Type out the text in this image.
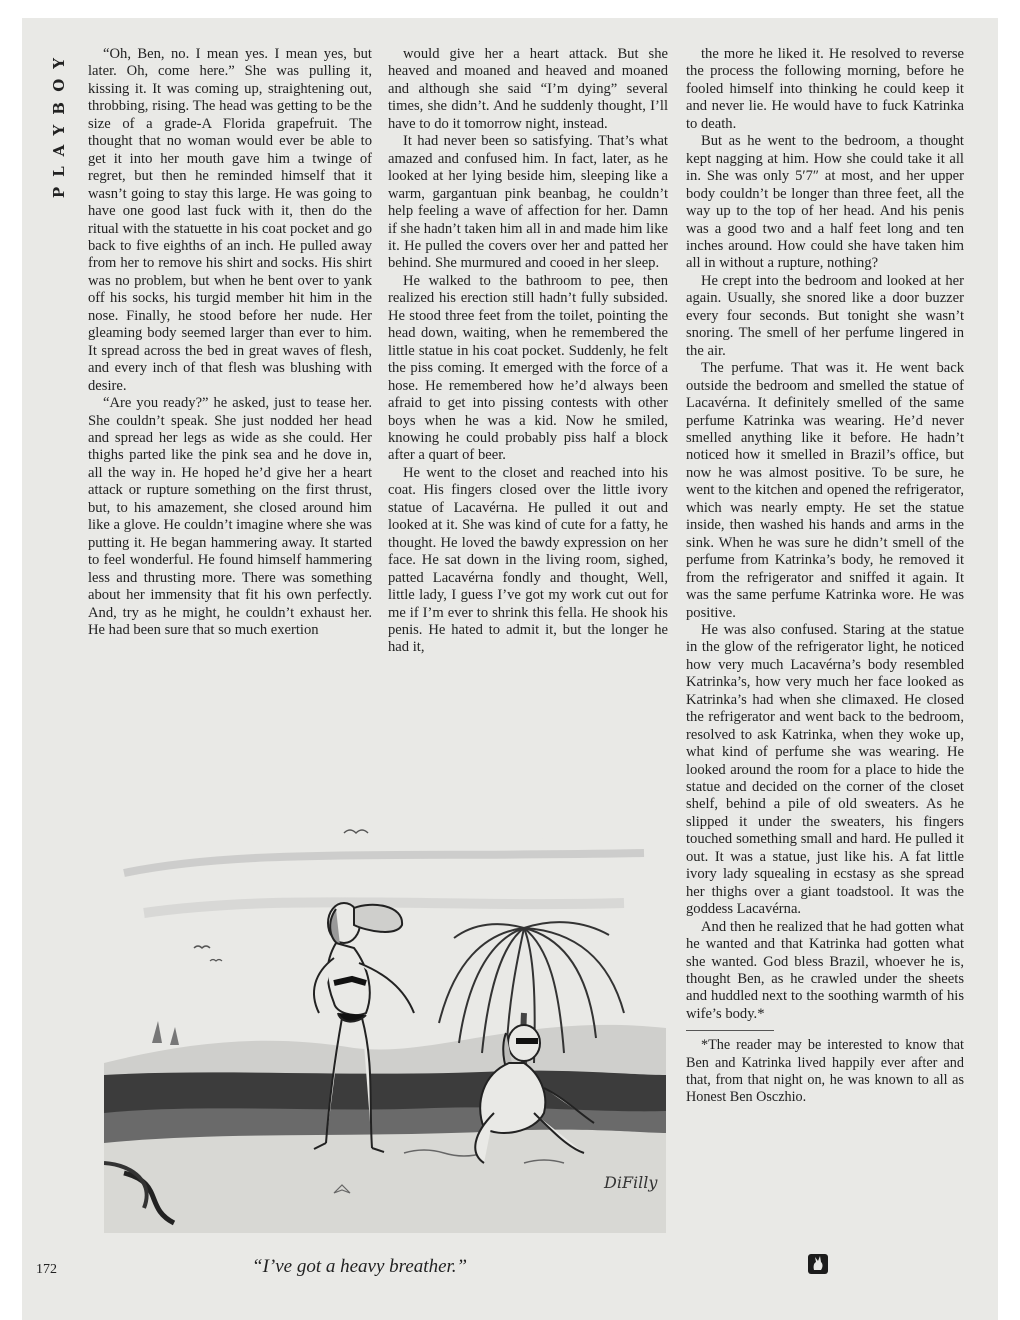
PLAYBOY	“Oh, Ben, no. I mean yes. I mean yes, but later. Oh, come here.” She was pulling it, kissing it. It was coming up, straightening out, throbbing, rising. The head was getting to be the size of a grade-A Florida grapefruit. The thought that no woman would ever be able to get it into her mouth gave him a twinge of regret, but then he reminded himself that it wasn’t going to stay this large. He was going to have one good last fuck with it, then do the ritual with the statuette in his coat pocket and go back to five eighths of an inch. He pulled away from her to remove his shirt and socks. His shirt was no problem, but when he bent over to yank off his socks, his turgid member hit him in the nose. Finally, he stood before her nude. Her gleaming body seemed larger than ever to him. It spread across the bed in great waves of flesh, and every inch of that flesh was blushing with desire.

“Are you ready?” he asked, just to tease her. She couldn’t speak. She just nodded her head and spread her legs as wide as she could. Her thighs parted like the pink sea and he dove in, all the way in. He hoped he’d give her a heart attack or rupture something on the first thrust, but, to his amazement, she closed around him like a glove. He couldn’t imagine where she was putting it. He began hammering away. It started to feel wonderful. He found himself hammering less and thrusting more. There was something about her immensity that fit his own perfectly. And, try as he might, he couldn’t exhaust her. He had been sure that so much exertion

would give her a heart attack. But she heaved and moaned and heaved and moaned and although she said “I’m dying” several times, she didn’t. And he suddenly thought, I’ll have to do it tomorrow night, instead.

It had never been so satisfying. That’s what amazed and confused him. In fact, later, as he looked at her lying beside him, sleeping like a warm, gargantuan pink beanbag, he couldn’t help feeling a wave of affection for her. Damn if she hadn’t taken him all in and made him like it. He pulled the covers over her and patted her behind. She murmured and cooed in her sleep.

He walked to the bathroom to pee, then realized his erection still hadn’t fully subsided. He stood three feet from the toilet, pointing the head down, waiting, when he remembered the little statue in his coat pocket. Suddenly, he felt the piss coming. It emerged with the force of a hose. He remembered how he’d always been afraid to get into pissing contests with other boys when he was a kid. Now he smiled, knowing he could probably piss half a block after a quart of beer.

He went to the closet and reached into his coat. His fingers closed over the little ivory statue of Lacavérna. He pulled it out and looked at it. She was kind of cute for a fatty, he thought. He loved the bawdy expression on her face. He sat down in the living room, sighed, patted Lacavérna fondly and thought, Well, little lady, I guess I’ve got my work cut out for me if I’m ever to shrink this fella. He shook his penis. He hated to admit it, but the longer he had it,

the more he liked it. He resolved to reverse the process the following morning, before he fooled himself into thinking he could keep it and never lie. He would have to fuck Katrinka to death.

But as he went to the bedroom, a thought kept nagging at him. How she could take it all in. She was only 5′7″ at most, and her upper body couldn’t be longer than three feet, all the way up to the top of her head. And his penis was a good two and a half feet long and ten inches around. How could she have taken him all in without a rupture, nothing?

He crept into the bedroom and looked at her again. Usually, she snored like a door buzzer every four seconds. But tonight she wasn’t snoring. The smell of her perfume lingered in the air.

The perfume. That was it. He went back outside the bedroom and smelled the statue of Lacavérna. It definitely smelled of the same perfume Katrinka was wearing. He’d never smelled anything like it before. He hadn’t noticed how it smelled in Brazil’s office, but now he was almost positive. To be sure, he went to the kitchen and opened the refrigerator, which was nearly empty. He set the statue inside, then washed his hands and arms in the sink. When he was sure he didn’t smell of the perfume from Katrinka’s body, he removed it from the refrigerator and sniffed it again. It was the same perfume Katrinka wore. He was positive.

He was also confused. Staring at the statue in the glow of the refrigerator light, he noticed how very much Lacavérna’s body resembled Katrinka’s, how very much her face looked as Katrinka’s had when she climaxed. He closed the refrigerator and went back to the bedroom, resolved to ask Katrinka, when they woke up, what kind of perfume she was wearing. He looked around the room for a place to hide the statue and decided on the corner of the closet shelf, behind a pile of old sweaters. As he slipped it under the sweaters, his fingers touched something small and hard. He pulled it out. It was a statue, just like his. A fat little ivory lady squealing in ecstasy as she spread her thighs over a giant toadstool. It was the goddess Lacavérna.

And then he realized that he had gotten what he wanted and that Katrinka had gotten what she wanted. God bless Brazil, whoever he is, thought Ben, as he crawled under the sheets and huddled next to the soothing warmth of his wife’s body.*

*The reader may be interested to know that Ben and Katrinka lived happily ever after and that, from that night on, he was known to all as Honest Ben Osczhio.

DiFilly
“I’ve got a heavy breather.”
172
